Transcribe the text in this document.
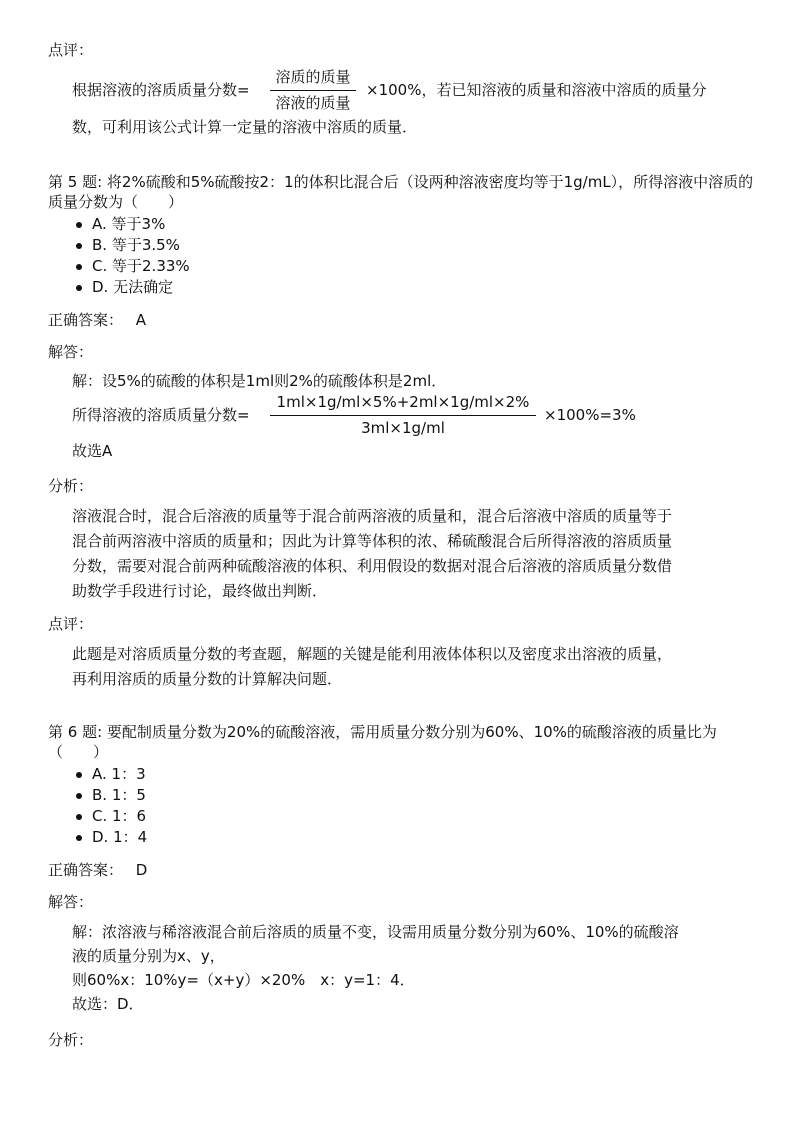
点评：
根据溶液的溶质质量分数=
溶质的质量
溶液的质量
×100%，若已知溶液的质量和溶液中溶质的质量分
数，可利用该公式计算一定量的溶液中溶质的质量．
第 5 题: 将2%硫酸和5%硫酸按2：1的体积比混合后（设两种溶液密度均等于1g/mL），所得溶液中溶质的质量分数为（　　）
A. 等于3%
B. 等于3.5%
C. 等于2.33%
D. 无法确定
正确答案： A
解答：
解：设5%的硫酸的体积是1ml则2%的硫酸体积是2ml．
所得溶液的溶质质量分数= $\frac{1ml\times 1g/ml\times 5\%+2ml\times 1g/ml\times 2\%}{3ml\times 1g/ml} \times 100\%=3\%$
故选A
分析：
溶液混合时，混合后溶液的质量等于混合前两溶液的质量和，混合后溶液中溶质的质量等于
混合前两溶液中溶质的质量和；因此为计算等体积的浓、稀硫酸混合后所得溶液的溶质质量
分数，需要对混合前两种硫酸溶液的体积、利用假设的数据对混合后溶液的溶质质量分数借
助数学手段进行讨论，最终做出判断．
点评：
此题是对溶质质量分数的考查题，解题的关键是能利用液体体积以及密度求出溶液的质量，
再利用溶质的质量分数的计算解决问题．
第 6 题: 要配制质量分数为20%的硫酸溶液，需用质量分数分别为60%、10%的硫酸溶液的质量比为（　　）
A. 1：3
B. 1：5
C. 1：6
D. 1：4
正确答案： D
解答：
解：浓溶液与稀溶液混合前后溶质的质量不变，设需用质量分数分别为60%、10%的硫酸溶
液的质量分别为x、y，
则60%x：10%y=（x+y）×20%　x：y=1：4．
故选：D．
分析：
